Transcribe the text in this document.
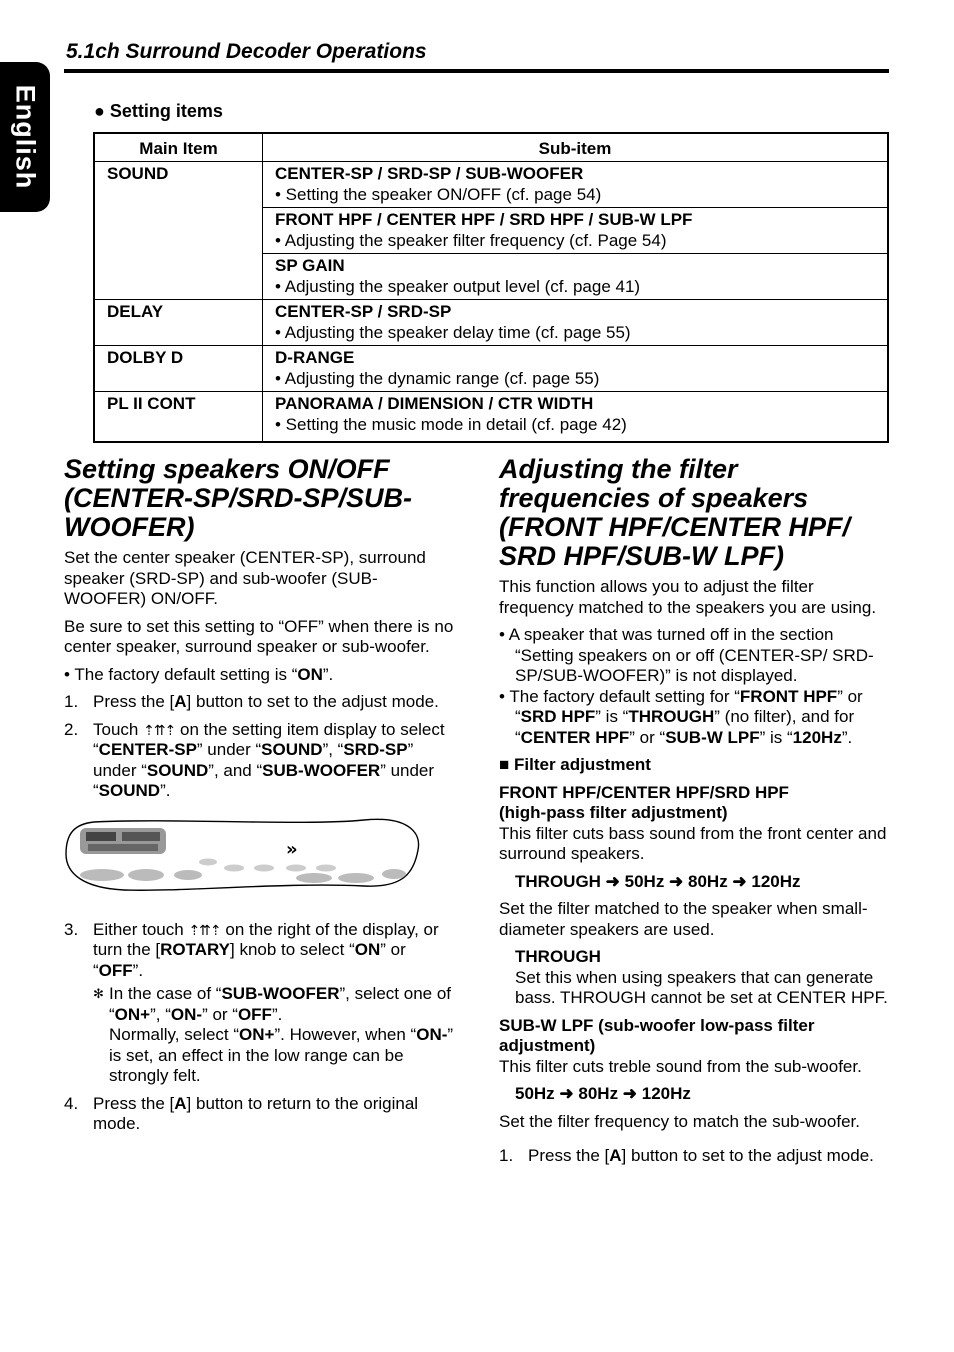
English
5.1ch Surround Decoder Operations
● Setting items
Main Item	Sub-item
SOUND	CENTER-SP / SRD-SP / SUB-WOOFER
• Setting the speaker ON/OFF (cf. page 54)

	FRONT HPF / CENTER HPF / SRD HPF / SUB-W LPF
• Adjusting the speaker filter frequency (cf. Page 54)

	SP GAIN
• Adjusting the speaker output level (cf. page 41)

DELAY	CENTER-SP / SRD-SP
• Adjusting the speaker delay time (cf. page 55)

DOLBY D	D-RANGE
• Adjusting the dynamic range (cf. page 55)

PL II CONT	PANORAMA / DIMENSION / CTR WIDTH
• Setting the music mode in detail (cf. page 42)
Setting speakers ON/OFF (CENTER-SP/SRD-SP/SUB-WOOFER)

Set the center speaker (CENTER-SP), surround speaker (SRD-SP) and sub-woofer (SUB-WOOFER) ON/OFF.

Be sure to set this setting to “OFF” when there is no center speaker, surround speaker or sub-woofer.

• The factory default setting is “ON”.

1. Press the [A] button to set to the adjust mode.
2. Touch ⇡⇈⇡ on the setting item display to select “CENTER-SP” under “SOUND”, “SRD-SP” under “SOUND”, and “SUB-WOOFER” under “SOUND”.
»
3. Either touch ⇡⇈⇡ on the right of the display, or turn the [ROTARY] knob to select “ON” or “OFF”.
✻ In the case of “SUB-WOOFER”, select one of “ON+”, “ON-” or “OFF”.
Normally, select “ON+”. However, when “ON-” is set, an effect in the low range can be strongly felt.
4. Press the [A] button to return to the original mode.
Adjusting the filter frequencies of speakers (FRONT HPF/CENTER HPF/ SRD HPF/SUB-W LPF)

This function allows you to adjust the filter frequency matched to the speakers you are using.

• A speaker that was turned off in the section “Setting speakers on or off (CENTER-SP/ SRD-SP/SUB-WOOFER)” is not displayed.

• The factory default setting for “FRONT HPF” or “SRD HPF” is “THROUGH” (no filter), and for “CENTER HPF” or “SUB-W LPF” is “120Hz”.

■ Filter adjustment

FRONT HPF/CENTER HPF/SRD HPF
(high-pass filter adjustment)
This filter cuts bass sound from the front center and surround speakers.

THROUGH ➜ 50Hz ➜ 80Hz ➜ 120Hz

Set the filter matched to the speaker when small-diameter speakers are used.

THROUGH
Set this when using speakers that can generate bass. THROUGH cannot be set at CENTER HPF.

SUB-W LPF (sub-woofer low-pass filter adjustment)
This filter cuts treble sound from the sub-woofer.

50Hz ➜ 80Hz ➜ 120Hz

Set the filter frequency to match the sub-woofer.

1. Press the [A] button to set to the adjust mode.
